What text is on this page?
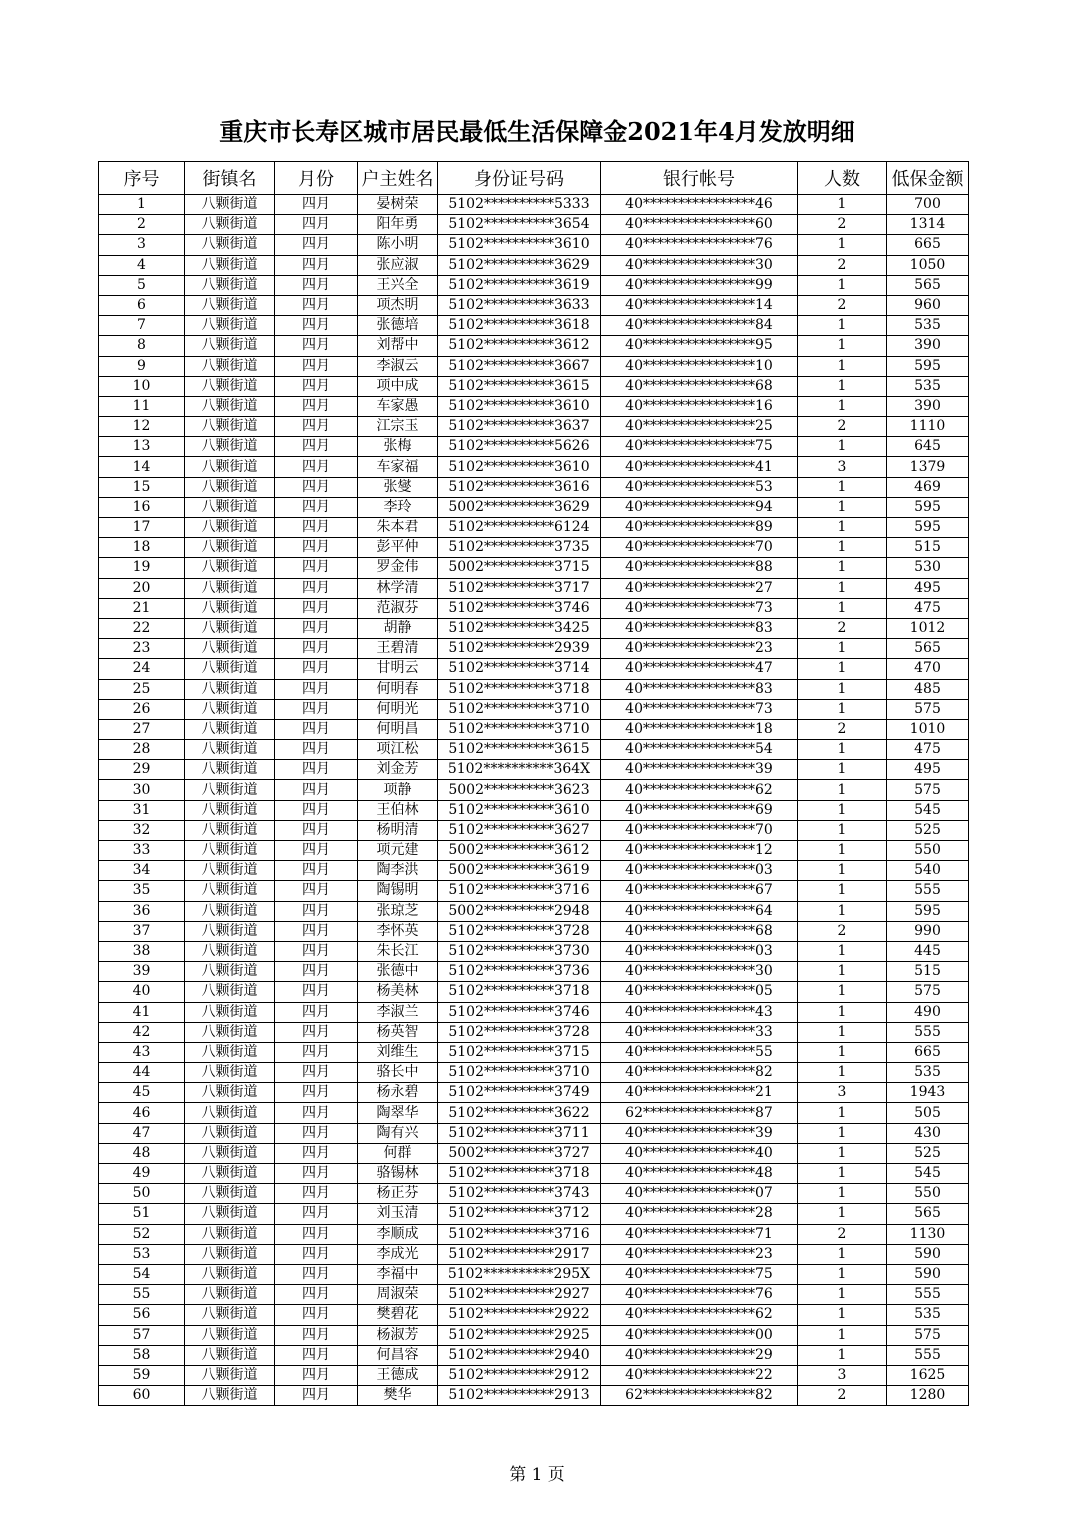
重庆市长寿区城市居民最低生活保障金2021年4月发放明细
序号	街镇名	月份	户主姓名	身份证号码	银行帐号	人数	低保金额
1	八颗街道	四月	晏树荣	5102**********5333	40****************46	1	700
2	八颗街道	四月	阳年勇	5102**********3654	40****************60	2	1314
3	八颗街道	四月	陈小明	5102**********3610	40****************76	1	665
4	八颗街道	四月	张应淑	5102**********3629	40****************30	2	1050
5	八颗街道	四月	王兴全	5102**********3619	40****************99	1	565
6	八颗街道	四月	项杰明	5102**********3633	40****************14	2	960
7	八颗街道	四月	张德培	5102**********3618	40****************84	1	535
8	八颗街道	四月	刘帮中	5102**********3612	40****************95	1	390
9	八颗街道	四月	李淑云	5102**********3667	40****************10	1	595
10	八颗街道	四月	项中成	5102**********3615	40****************68	1	535
11	八颗街道	四月	车家愚	5102**********3610	40****************16	1	390
12	八颗街道	四月	江宗玉	5102**********3637	40****************25	2	1110
13	八颗街道	四月	张梅	5102**********5626	40****************75	1	645
14	八颗街道	四月	车家福	5102**********3610	40****************41	3	1379
15	八颗街道	四月	张燮	5102**********3616	40****************53	1	469
16	八颗街道	四月	李玲	5002**********3629	40****************94	1	595
17	八颗街道	四月	朱本君	5102**********6124	40****************89	1	595
18	八颗街道	四月	彭平仲	5102**********3735	40****************70	1	515
19	八颗街道	四月	罗金伟	5002**********3715	40****************88	1	530
20	八颗街道	四月	林学清	5102**********3717	40****************27	1	495
21	八颗街道	四月	范淑芬	5102**********3746	40****************73	1	475
22	八颗街道	四月	胡静	5102**********3425	40****************83	2	1012
23	八颗街道	四月	王碧清	5102**********2939	40****************23	1	565
24	八颗街道	四月	甘明云	5102**********3714	40****************47	1	470
25	八颗街道	四月	何明春	5102**********3718	40****************83	1	485
26	八颗街道	四月	何明光	5102**********3710	40****************73	1	575
27	八颗街道	四月	何明昌	5102**********3710	40****************18	2	1010
28	八颗街道	四月	项江松	5102**********3615	40****************54	1	475
29	八颗街道	四月	刘金芳	5102**********364X	40****************39	1	495
30	八颗街道	四月	项静	5002**********3623	40****************62	1	575
31	八颗街道	四月	王伯林	5102**********3610	40****************69	1	545
32	八颗街道	四月	杨明清	5102**********3627	40****************70	1	525
33	八颗街道	四月	项元建	5002**********3612	40****************12	1	550
34	八颗街道	四月	陶李洪	5002**********3619	40****************03	1	540
35	八颗街道	四月	陶锡明	5102**********3716	40****************67	1	555
36	八颗街道	四月	张琼芝	5002**********2948	40****************64	1	595
37	八颗街道	四月	李怀英	5102**********3728	40****************68	2	990
38	八颗街道	四月	朱长江	5102**********3730	40****************03	1	445
39	八颗街道	四月	张德中	5102**********3736	40****************30	1	515
40	八颗街道	四月	杨美林	5102**********3718	40****************05	1	575
41	八颗街道	四月	李淑兰	5102**********3746	40****************43	1	490
42	八颗街道	四月	杨英智	5102**********3728	40****************33	1	555
43	八颗街道	四月	刘维生	5102**********3715	40****************55	1	665
44	八颗街道	四月	骆长中	5102**********3710	40****************82	1	535
45	八颗街道	四月	杨永碧	5102**********3749	40****************21	3	1943
46	八颗街道	四月	陶翠华	5102**********3622	62****************87	1	505
47	八颗街道	四月	陶有兴	5102**********3711	40****************39	1	430
48	八颗街道	四月	何群	5002**********3727	40****************40	1	525
49	八颗街道	四月	骆锡林	5102**********3718	40****************48	1	545
50	八颗街道	四月	杨正芬	5102**********3743	40****************07	1	550
51	八颗街道	四月	刘玉清	5102**********3712	40****************28	1	565
52	八颗街道	四月	李顺成	5102**********3716	40****************71	2	1130
53	八颗街道	四月	李成光	5102**********2917	40****************23	1	590
54	八颗街道	四月	李福中	5102**********295X	40****************75	1	590
55	八颗街道	四月	周淑荣	5102**********2927	40****************76	1	555
56	八颗街道	四月	樊碧花	5102**********2922	40****************62	1	535
57	八颗街道	四月	杨淑芳	5102**********2925	40****************00	1	575
58	八颗街道	四月	何昌容	5102**********2940	40****************29	1	555
59	八颗街道	四月	王德成	5102**********2912	40****************22	3	1625
60	八颗街道	四月	樊华	5102**********2913	62****************82	2	1280
第 1 页
